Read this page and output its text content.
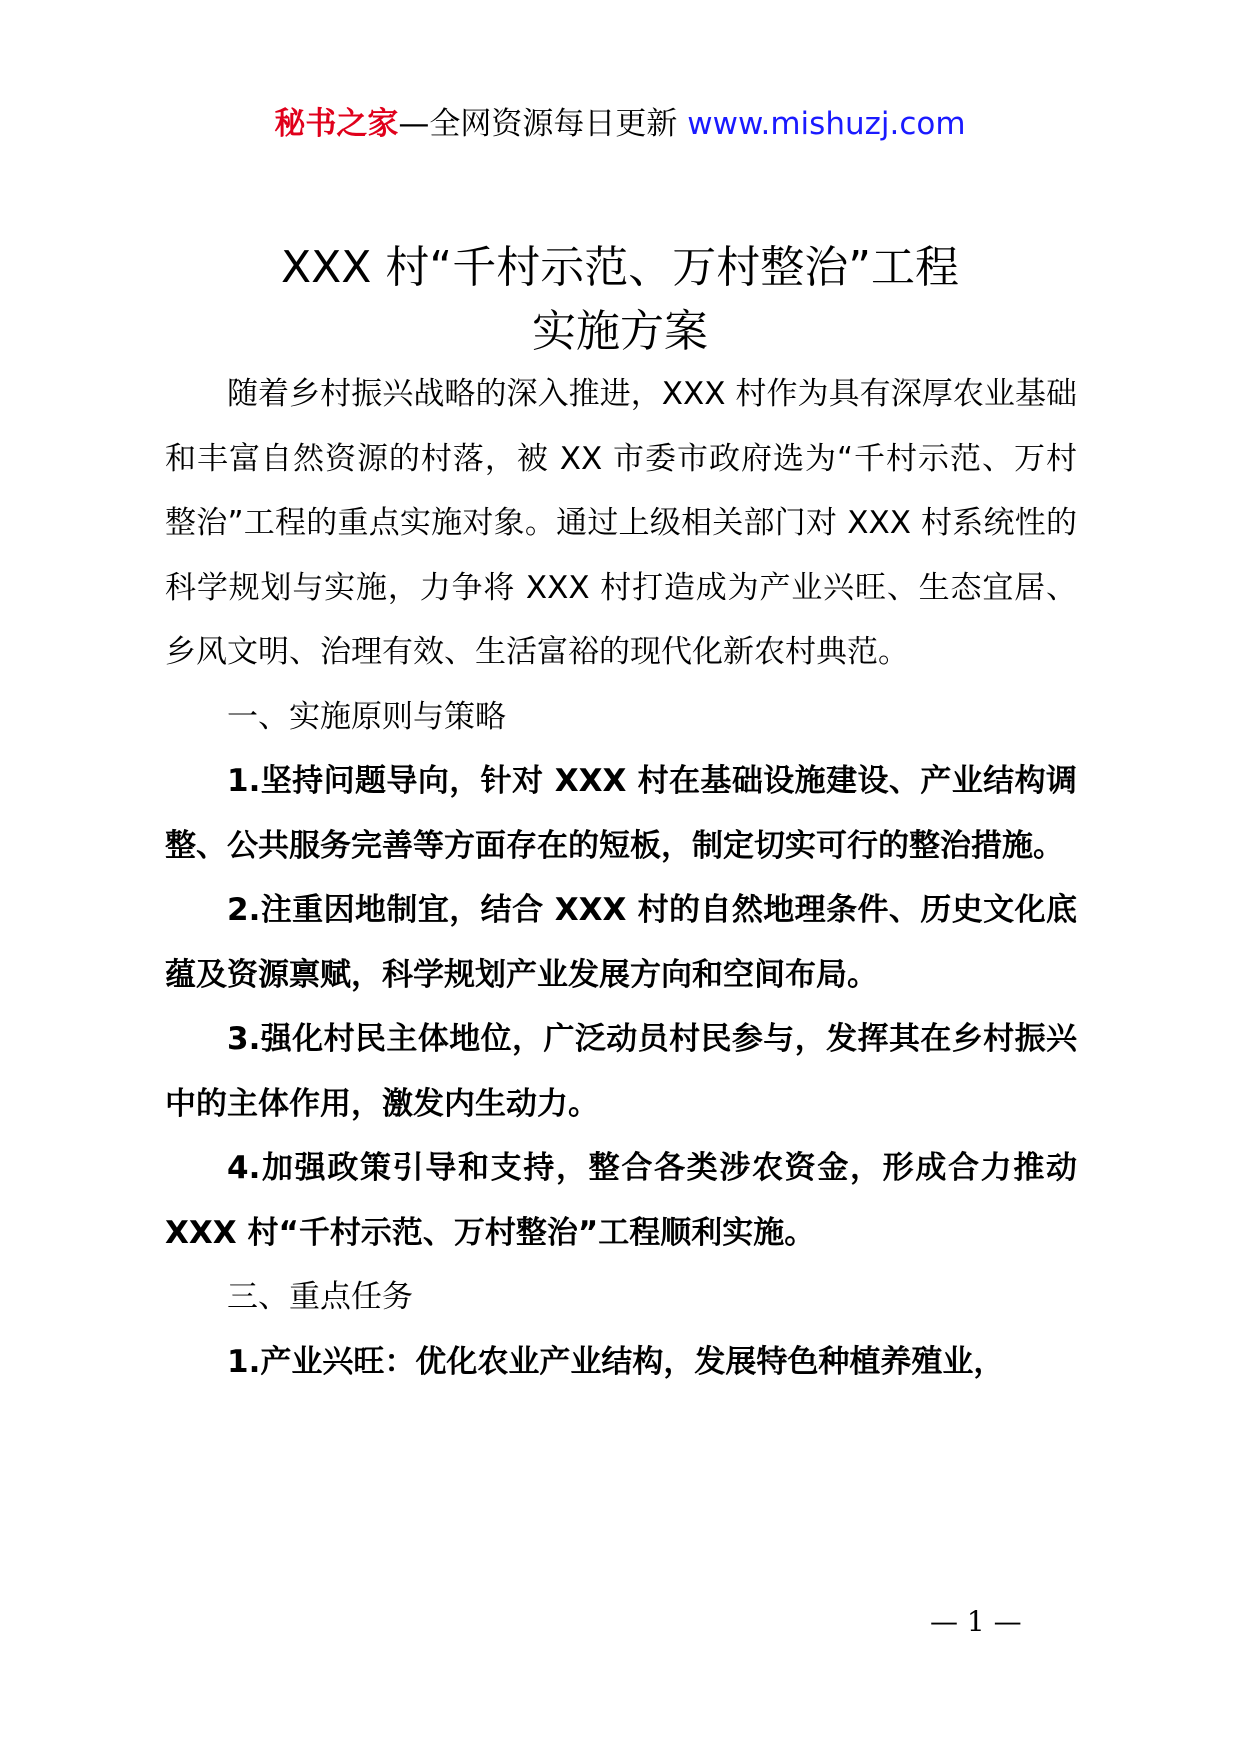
秘书之家—全网资源每日更新 www.mishuzj.com
XXX 村“千村示范、万村整治”工程
实施方案

随着乡村振兴战略的深入推进，XXX 村作为具有深厚农业基础和丰富自然资源的村落，被 XX 市委市政府选为“千村示范、万村整治”工程的重点实施对象。通过上级相关部门对 XXX 村系统性的科学规划与实施，力争将 XXX 村打造成为产业兴旺、生态宜居、乡风文明、治理有效、生活富裕的现代化新农村典范。

一、实施原则与策略

1.坚持问题导向，针对 XXX 村在基础设施建设、产业结构调整、公共服务完善等方面存在的短板，制定切实可行的整治措施。

2.注重因地制宜，结合 XXX 村的自然地理条件、历史文化底蕴及资源禀赋，科学规划产业发展方向和空间布局。

3.强化村民主体地位，广泛动员村民参与，发挥其在乡村振兴中的主体作用，激发内生动力。

4.加强政策引导和支持，整合各类涉农资金，形成合力推动 XXX 村“千村示范、万村整治”工程顺利实施。

三、重点任务

1.产业兴旺：优化农业产业结构，发展特色种植养殖业，

— 1 —
